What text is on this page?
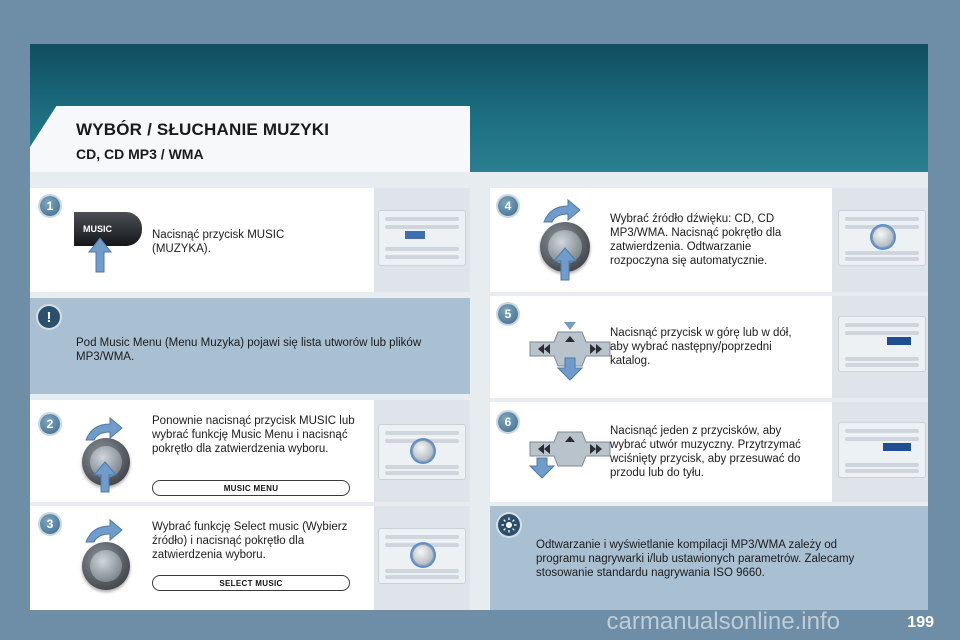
WYBÓR / SŁUCHANIE MUZYKI
CD, CD MP3 / WMA
1
MUSIC	Nacisnąć przycisk MUSIC (MUZYKA).
!
Pod Music Menu (Menu Muzyka) pojawi się lista utworów lub plików MP3/WMA.
2	Ponownie nacisnąć przycisk MUSIC lub wybrać funkcję Music Menu i nacisnąć pokrętło dla zatwierdzenia wyboru.
MUSIC MENU
3	Wybrać funkcję Select music (Wybierz źródło) i nacisnąć pokrętło dla zatwierdzenia wyboru.
SELECT MUSIC
4
Wybrać źródło dźwięku: CD, CD MP3/WMA. Nacisnąć pokrętło dla zatwierdzenia. Odtwarzanie rozpoczyna się automatycznie.
5
Nacisnąć przycisk w górę lub w dół, aby wybrać następny/poprzedni katalog.
6
Nacisnąć jeden z przycisków, aby wybrać utwór muzyczny. Przytrzymać wciśnięty przycisk, aby przesuwać do przodu lub do tyłu.
Odtwarzanie i wyświetlanie kompilacji MP3/WMA zależy od programu nagrywarki i/lub ustawionych parametrów. Zalecamy stosowanie standardu nagrywania ISO 9660.
carmanualsonline.info	199
